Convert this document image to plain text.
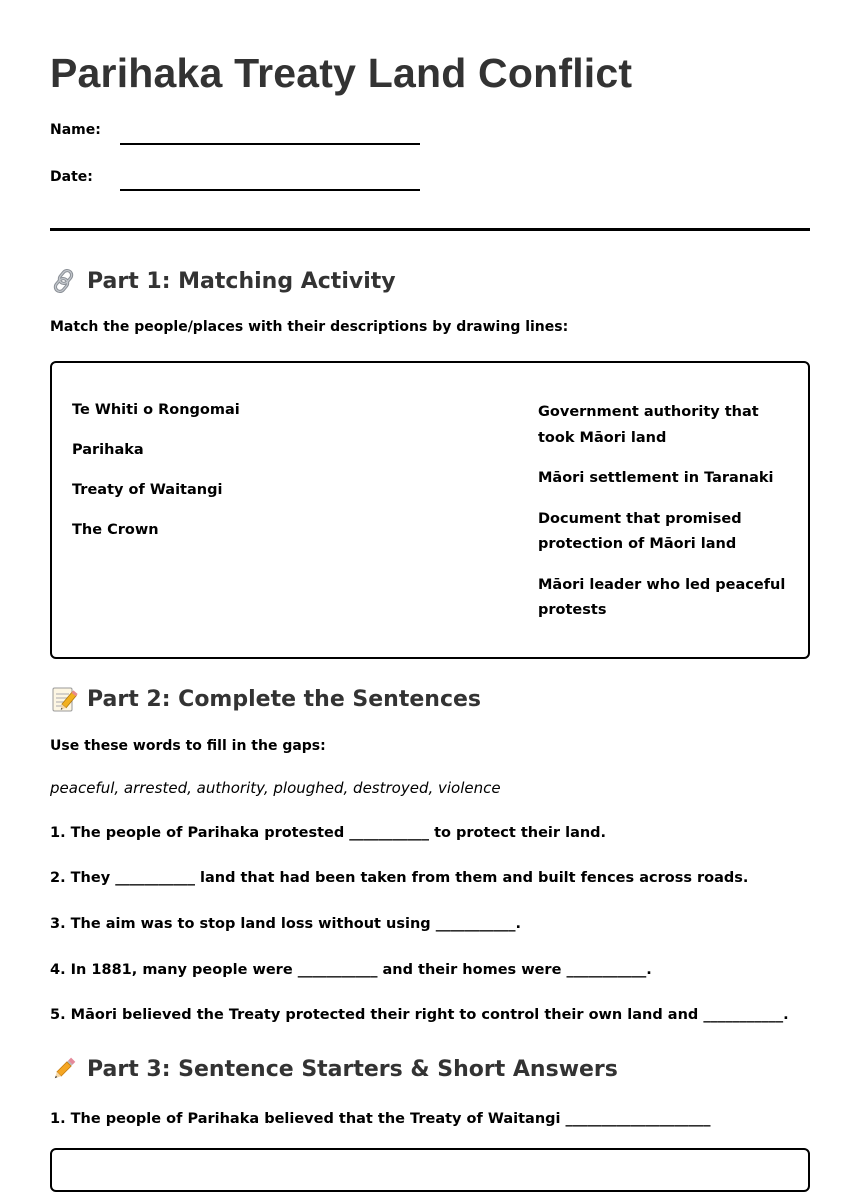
Parihaka Treaty Land Conflict
Name:
Date:
Part 1: Matching Activity
Match the people/places with their descriptions by drawing lines:
Te Whiti o Rongomai
Parihaka
Treaty of Waitangi
The Crown
Government authority that took Māori land
Māori settlement in Taranaki
Document that promised protection of Māori land
Māori leader who led peaceful protests
Part 2: Complete the Sentences
Use these words to fill in the gaps:
peaceful, arrested, authority, ploughed, destroyed, violence
1. The people of Parihaka protested ___________ to protect their land.
2. They ___________ land that had been taken from them and built fences across roads.
3. The aim was to stop land loss without using ___________.
4. In 1881, many people were ___________ and their homes were ___________.
5. Māori believed the Treaty protected their right to control their own land and ___________.
Part 3: Sentence Starters & Short Answers
1. The people of Parihaka believed that the Treaty of Waitangi ____________________
